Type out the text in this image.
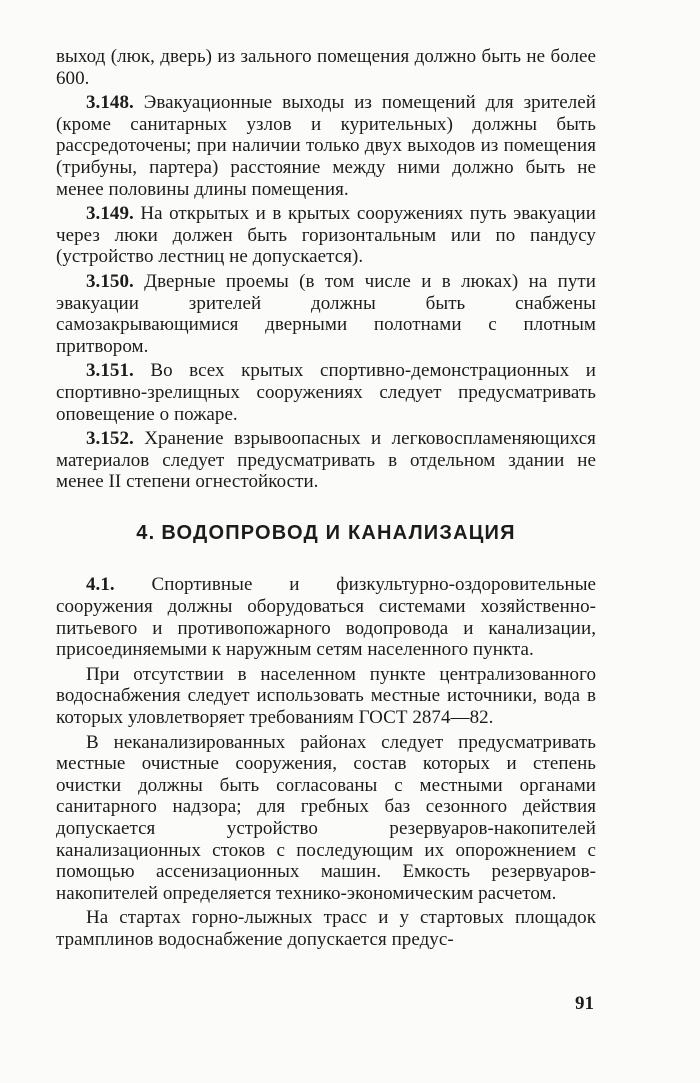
выход (люк, дверь) из зального помещения должно быть не более 600.

3.148. Эвакуационные выходы из помещений для зрителей (кроме санитарных узлов и курительных) должны быть рассредоточены; при наличии только двух выходов из помещения (трибуны, партера) расстояние между ними должно быть не менее половины длины помещения.

3.149. На открытых и в крытых сооружениях путь эвакуации через люки должен быть горизонтальным или по пандусу (устройство лестниц не допускается).

3.150. Дверные проемы (в том числе и в люках) на пути эвакуации зрителей должны быть снабжены самозакрывающимися дверными полотнами с плотным притвором.

3.151. Во всех крытых спортивно-демонстрационных и спортивно-зрелищных сооружениях следует предусматривать оповещение о пожаре.

3.152. Хранение взрывоопасных и легковоспламеняющихся материалов следует предусматривать в отдельном здании не менее II степени огнестойкости.

4. ВОДОПРОВОД И КАНАЛИЗАЦИЯ

4.1. Спортивные и физкультурно-оздоровительные сооружения должны оборудоваться системами хозяйственно-питьевого и противопожарного водопровода и канализации, присоединяемыми к наружным сетям населенного пункта.

При отсутствии в населенном пункте централизованного водоснабжения следует использовать местные источники, вода в которых уловлетворяет требованиям ГОСТ 2874—82.

В неканализированных районах следует предусматривать местные очистные сооружения, состав которых и степень очистки должны быть согласованы с местными органами санитарного надзора; для гребных баз сезонного действия допускается устройство резервуаров-накопителей канализационных стоков с последующим их опорожнением с помощью ассенизационных машин. Емкость резервуаров-накопителей определяется технико-экономическим расчетом.

На стартах горно-лыжных трасс и у стартовых площадок трамплинов водоснабжение допускается предус-

91
